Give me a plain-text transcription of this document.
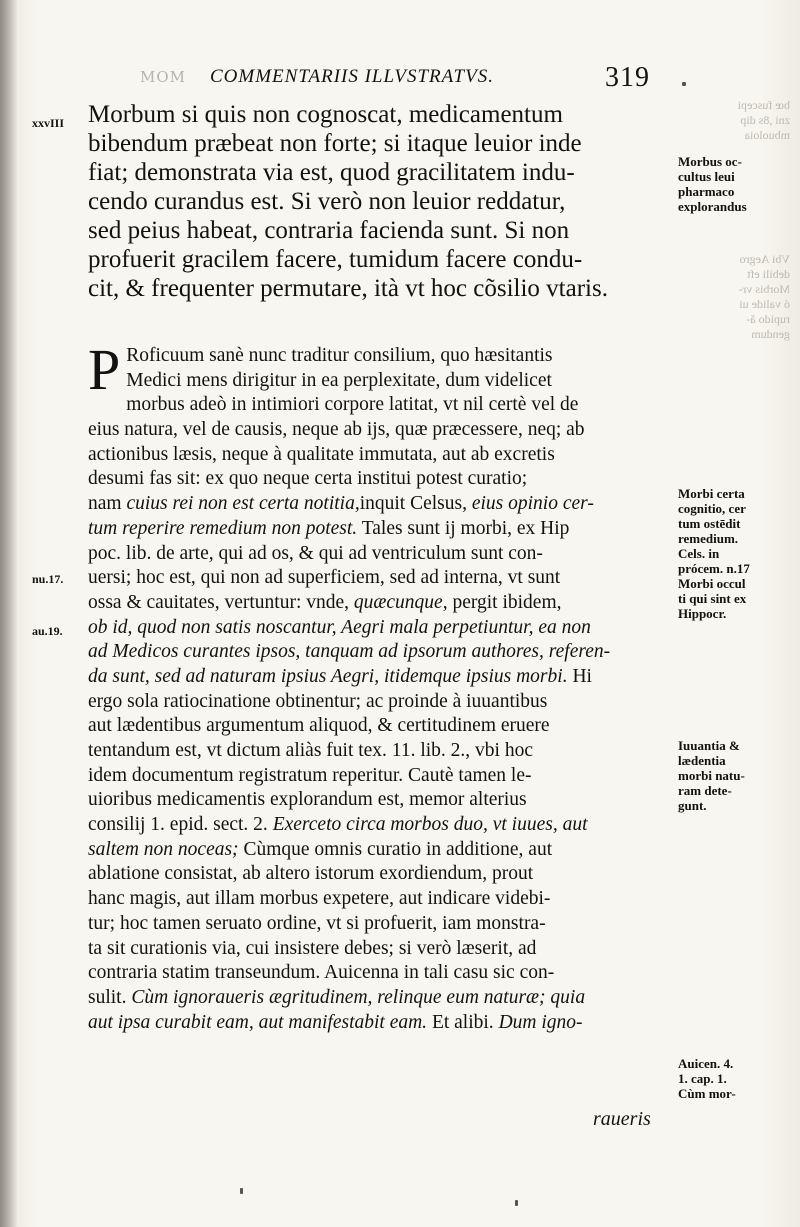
MOM COMMENTARIIS ILLVSTRATVS.	319
xxvIII Morbum si quis non cognoscat, medicamentum
bibendum præbeat non forte; si itaque leuior inde
fiat; demonstrata via est, quod gracilitatem indu-
cendo curandus est. Si verò non leuior reddatur,
sed peius habeat, contraria facienda sunt. Si non
profuerit gracilem facere, tumidum facere condu-
cit, & frequenter permutare, ità vt hoc cõsilio vtaris.
P Roficuum sanè nunc traditur consilium, quo hæsitantis
Medici mens dirigitur in ea perplexitate, dum videlicet
morbus adeò in intimiori corpore latitat, vt nil certè vel de
eius natura, vel de causis, neque ab ijs, quæ præcessere, neq; ab
actionibus læsis, neque à qualitate immutata, aut ab excretis
desumi fas sit: ex quo neque certa institui potest curatio;
nam cuius rei non est certa notitia,inquit Celsus, eius opinio cer-
tum reperire remedium non potest. Tales sunt ij morbi, ex Hip
poc. lib. de arte, qui ad os, & qui ad ventriculum sunt con-
uersi; hoc est, qui non ad superficiem, sed ad interna, vt sunt
ossa & cauitates, vertuntur: vnde, quæcunque, pergit ibidem,
ob id, quod non satis noscantur, Aegri mala perpetiuntur, ea non
ad Medicos curantes ipsos, tanquam ad ipsorum authores, referen-
da sunt, sed ad naturam ipsius Aegri, itidemque ipsius morbi. Hi
ergo sola ratiocinatione obtinentur; ac proinde à iuuantibus
aut lædentibus argumentum aliquod, & certitudinem eruere
tentandum est, vt dictum aliàs fuit tex. 11. lib. 2., vbi hoc
idem documentum registratum reperitur. Cautè tamen le-
uioribus medicamentis explorandum est, memor alterius
consilij 1. epid. sect. 2. Exerceto circa morbos duo, vt iuues, aut
saltem non noceas; Cùmque omnis curatio in additione, aut
ablatione consistat, ab altero istorum exordiendum, prout
hanc magis, aut illam morbus expetere, aut indicare videbi-
tur; hoc tamen seruato ordine, vt si profuerit, iam monstra-
ta sit curationis via, cui insistere debes; si verò læserit, ad
contraria statim transeundum. Auicenna in tali casu sic con-
sulit. Cùm ignoraueris ægritudinem, relinque eum naturæ; quia
aut ipsa curabit eam, aut manifestabit eam. Et alibi. Dum igno-
nu.17.
au.19.
bœ fuscepi
zni ,8s dip
mbuoloia
Vbi Aegro
debili eft
Morbis vr-
ó valide ui
rupido ă-
gendum
Morbus oc-
cultus leui
pharmaco
explorandus
Morbi certa
cognitio, cer
tum ostēdit
remedium.
Cels. in
prócem. n.17
Morbi occul
ti qui sint ex
Hippocr.
Iuuantia &
lædentia
morbi natu-
ram dete-
gunt.
Auicen. 4.
1. cap. 1.
Cùm mor-
raueris
